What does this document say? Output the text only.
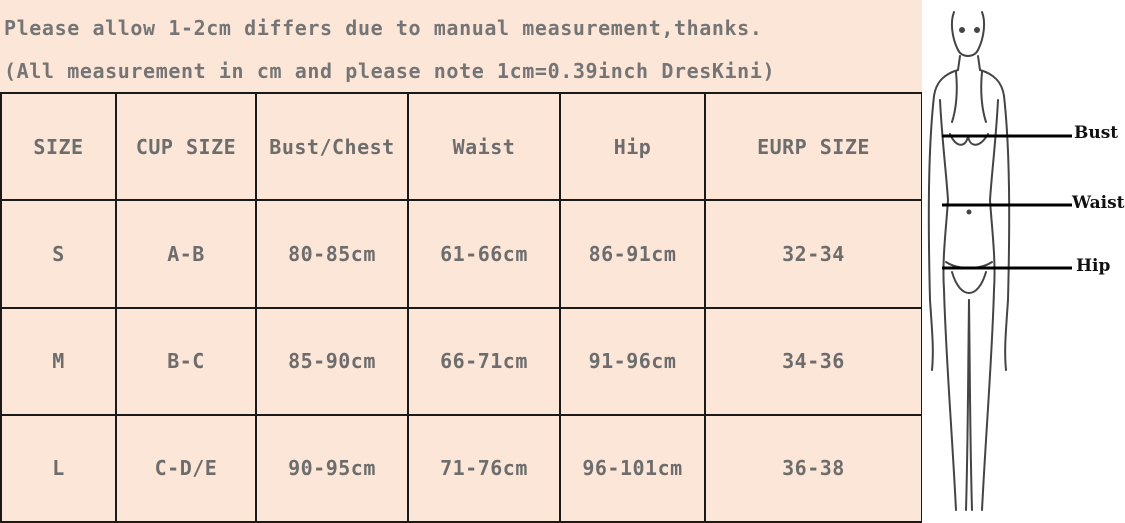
Please allow 1-2cm differs due to manual measurement,thanks.
(All measurement in cm and please note 1cm=0.39inch DresKini)
SIZE	CUP SIZE	Bust/Chest	Waist	Hip	EURP SIZE
S	A-B	80-85cm	61-66cm	86-91cm	32-34
M	B-C	85-90cm	66-71cm	91-96cm	34-36
L	C-D/E	90-95cm	71-76cm	96-101cm	36-38
Bust
Waist
Hip
